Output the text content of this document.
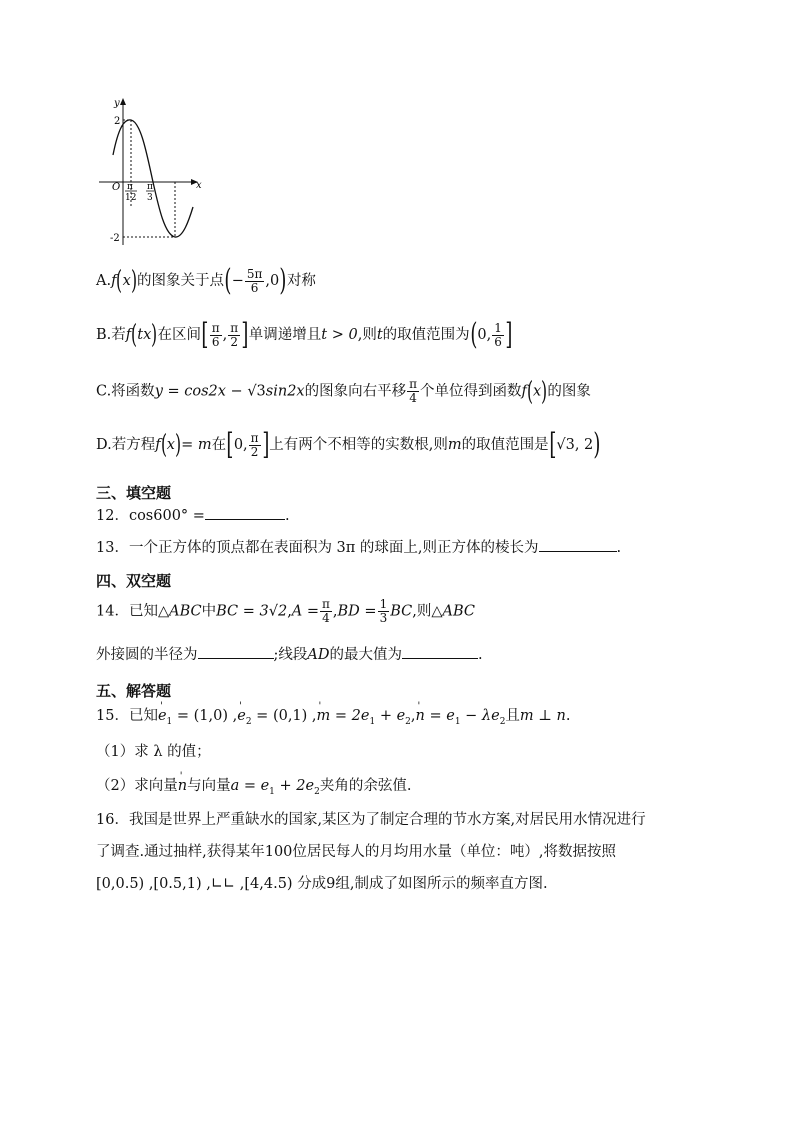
y
x
O
2
-2
π
12
π
3
A.f(x)的图象关于点(− $\frac{5\pi}{6} ,0$)对称
B.若f(tx)在区间[ $\frac{\pi}{6}$ , $\frac{\pi}{2}$ ]单调递增且t > 0,则t的取值范围为(0, $\frac{1}{6}$ ]
C.将函数y = cos2x − √3sin2x的图象向右平移 $\frac{\pi}{4}$ 个单位得到函数f(x)的图象
D.若方程f(x)= m在[0, $\frac{\pi}{2}$ ]上有两个不相等的实数根,则m的取值范围是[√3, 2)
三、填空题
12．cos600° =	.
13．一个正方体的顶点都在表面积为 3π 的球面上,则正方体的棱长为	.
四、双空题
14．已知△ABC中BC = $3√2,A = \frac{\pi}{4} ,BD = \frac{1}{3}$ BC,则△ABC
外接圆的半径为	;线段AD的最大值为	.
五、解答题
15．已知' $e_1 = (1,0)$ ,' $e_2 = (0,1)$ ,' $m = 2e_1 + e_2,'$ $n = e_1 - \lambda e_2$且m ⊥ n.
（1）求 λ 的值；
（2）求向量' n与向量$a = e_1 + 2e_2$夹角的余弦值.
16．我国是世界上严重缺水的国家,某区为了制定合理的节水方案,对居民用水情况进行
了调查.通过抽样,获得某年100位居民每人的月均用水量（单位：吨）,将数据按照
[0,0.5) ,[0.5,1) ,∟∟ ,[4,4.5) 分成9组,制成了如图所示的频率直方图.
